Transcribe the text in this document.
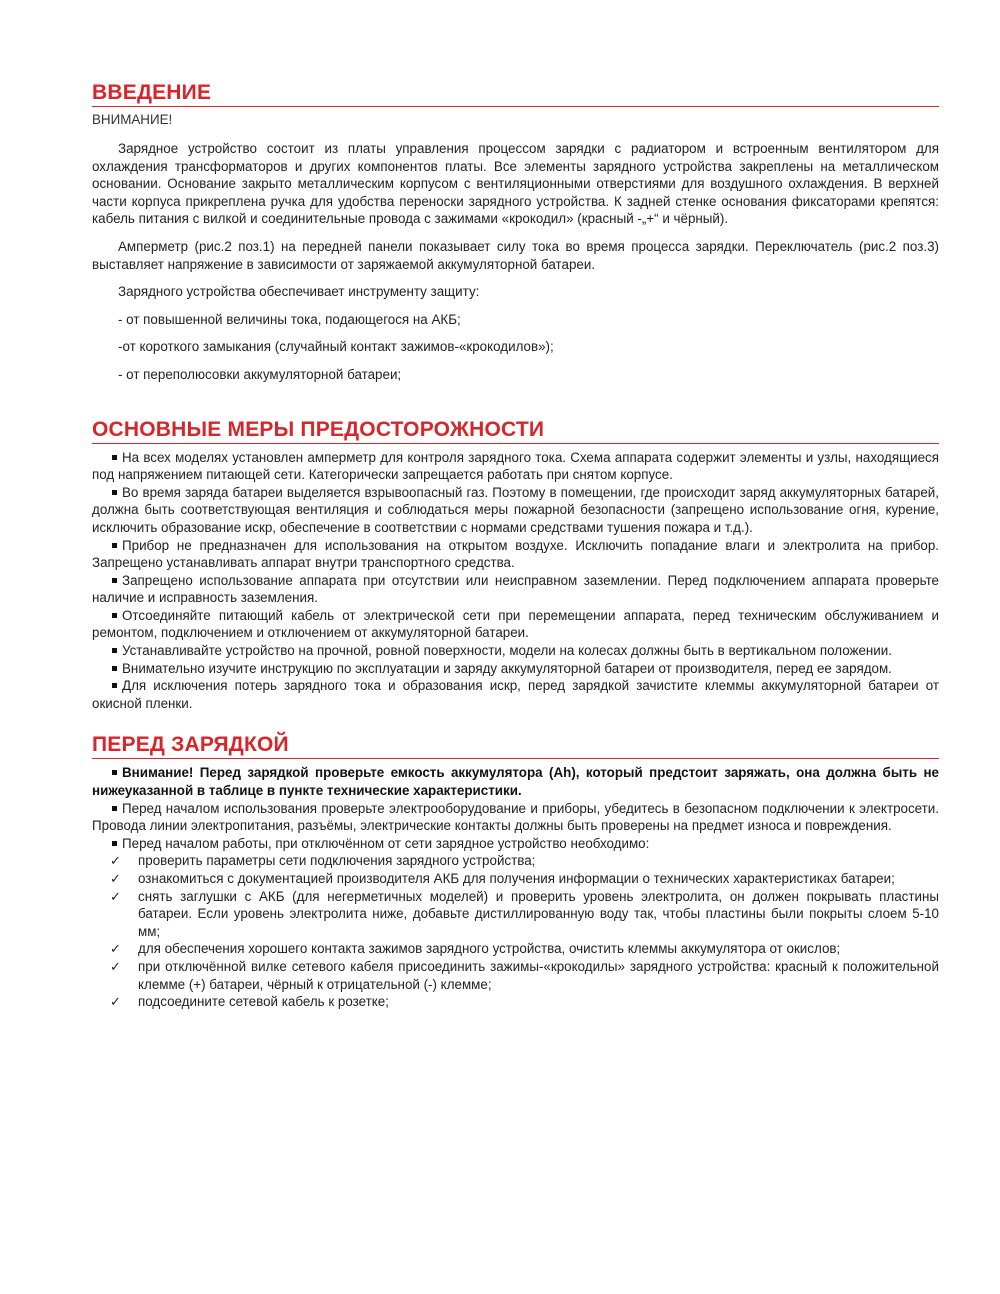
ВВЕДЕНИЕ
ВНИМАНИЕ!

Зарядное устройство состоит из платы управления процессом зарядки с радиатором и встроенным вентилятором для охлаждения трансформаторов и других компонентов платы. Все элементы зарядного устройства закреплены на металлическом основании. Основание закрыто металлическим корпусом с вентиляционными отверстиями для воздушного охлаждения. В верхней части корпуса прикреплена ручка для удобства переноски зарядного устройства. К задней стенке основания фиксаторами крепятся: кабель питания с вилкой и соединительные провода с зажимами «крокодил» (красный -„+“ и чёрный).

Амперметр (рис.2 поз.1) на передней панели показывает силу тока во время процесса зарядки. Переключатель (рис.2 поз.3) выставляет напряжение в зависимости от заряжаемой аккумуляторной батареи.

Зарядного устройства обеспечивает инструменту защиту:

- от повышенной величины тока, подающегося на АКБ;

-от короткого замыкания (случайный контакт зажимов-«крокодилов»);

- от переполюсовки аккумуляторной батареи;

ОСНОВНЫЕ МЕРЫ ПРЕДОСТОРОЖНОСТИ

На всех моделях установлен амперметр для контроля зарядного тока. Схема аппарата содержит элементы и узлы, находящиеся под напряжением питающей сети. Категорически запрещается работать при снятом корпусе.

Во время заряда батареи выделяется взрывоопасный газ. Поэтому в помещении, где происходит заряд аккумуляторных батарей, должна быть соответствующая вентиляция и соблюдаться меры пожарной безопасности (запрещено использование огня, курение, исключить образование искр, обеспечение в соответствии с нормами средствами тушения пожара и т.д.).

Прибор не предназначен для использования на открытом воздухе. Исключить попадание влаги и электролита на прибор. Запрещено устанавливать аппарат внутри транспортного средства.

Запрещено использование аппарата при отсутствии или неисправном заземлении. Перед подключением аппарата проверьте наличие и исправность заземления.

Отсоединяйте питающий кабель от электрической сети при перемещении аппарата, перед техническим обслуживанием и ремонтом, подключением и отключением от аккумуляторной батареи.

Устанавливайте устройство на прочной, ровной поверхности, модели на колесах должны быть в вертикальном положении.

Внимательно изучите инструкцию по эксплуатации и заряду аккумуляторной батареи от производителя, перед ее зарядом.

Для исключения потерь зарядного тока и образования искр, перед зарядкой зачистите клеммы аккумуляторной батареи от окисной пленки.

ПЕРЕД ЗАРЯДКОЙ

Внимание! Перед зарядкой проверьте емкость аккумулятора (Ah), который предстоит заряжать, она должна быть не нижеуказанной в таблице в пункте технические характеристики.

Перед началом использования проверьте электрооборудование и приборы, убедитесь в безопасном подключении к электросети. Провода линии электропитания, разъёмы, электрические контакты должны быть проверены на предмет износа и повреждения.

Перед началом работы, при отключённом от сети зарядное устройство необходимо:

✓ проверить параметры сети подключения зарядного устройства;
✓ ознакомиться с документацией производителя АКБ для получения информации о технических характеристиках батареи;
✓ снять заглушки с АКБ (для негерметичных моделей) и проверить уровень электролита, он должен покрывать пластины батареи. Если уровень электролита ниже, добавьте дистиллированную воду так, чтобы пластины были покрыты слоем 5-10 мм;
✓ для обеспечения хорошего контакта зажимов зарядного устройства, очистить клеммы аккумулятора от окислов;
✓ при отключённой вилке сетевого кабеля присоединить зажимы-«крокодилы» зарядного устройства: красный к положительной клемме (+) батареи, чёрный к отрицательной (-) клемме;
✓ подсоедините сетевой кабель к розетке;
